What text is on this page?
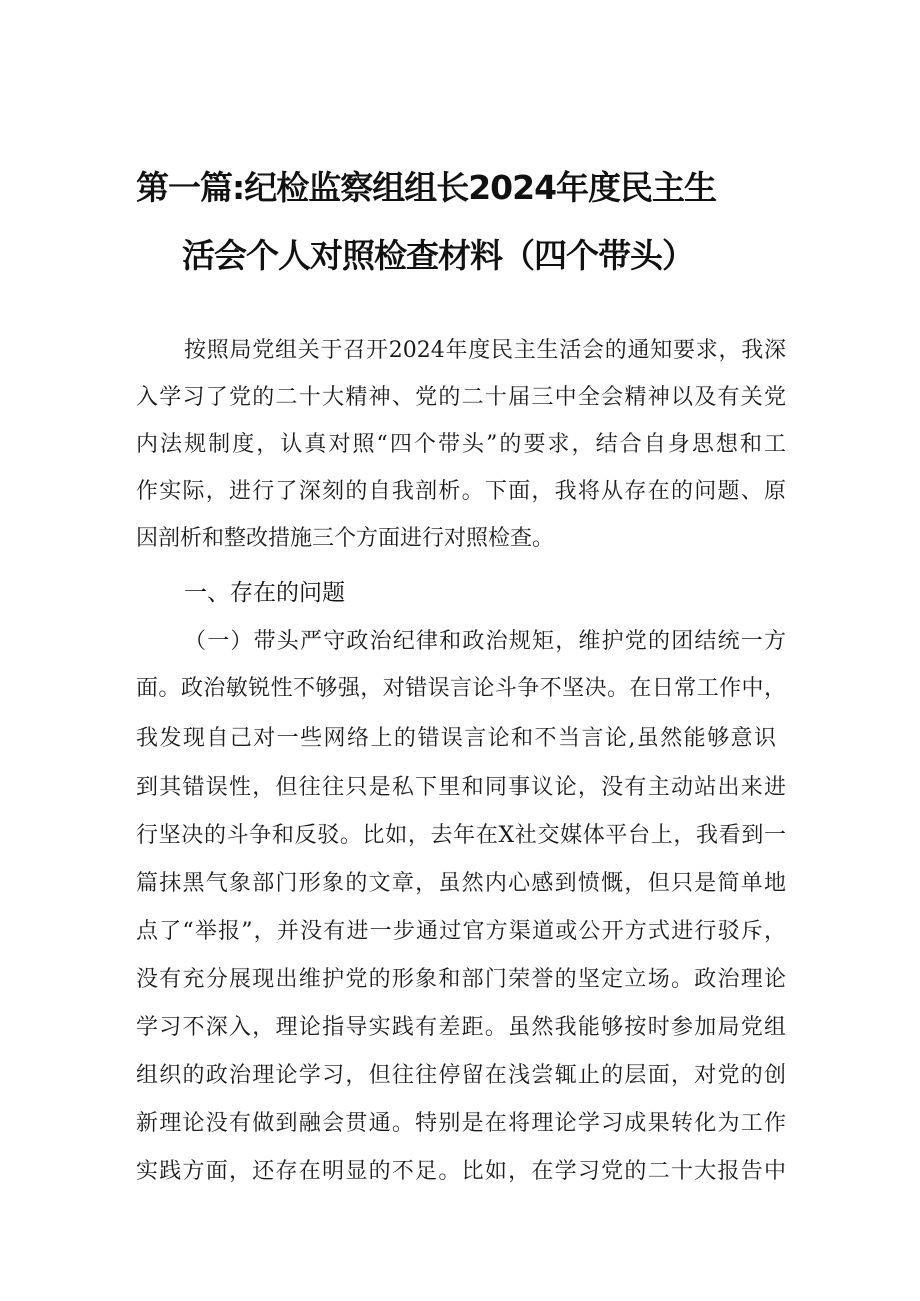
第一篇:纪检监察组组长2024年度民主生
活会个人对照检查材料（四个带头）
按照局党组关于召开2024年度民主生活会的通知要求，我深
入学习了党的二十大精神、党的二十届三中全会精神以及有关党
内法规制度，认真对照“四个带头”的要求，结合自身思想和工
作实际，进行了深刻的自我剖析。下面，我将从存在的问题、原
因剖析和整改措施三个方面进行对照检查。
一、存在的问题
（一）带头严守政治纪律和政治规矩，维护党的团结统一方
面。政治敏锐性不够强，对错误言论斗争不坚决。在日常工作中，
我发现自己对一些网络上的错误言论和不当言论,虽然能够意识
到其错误性，但往往只是私下里和同事议论，没有主动站出来进
行坚决的斗争和反驳。比如，去年在X社交媒体平台上，我看到一
篇抹黑气象部门形象的文章，虽然内心感到愤慨，但只是简单地
点了“举报”，并没有进一步通过官方渠道或公开方式进行驳斥，
没有充分展现出维护党的形象和部门荣誉的坚定立场。政治理论
学习不深入，理论指导实践有差距。虽然我能够按时参加局党组
组织的政治理论学习，但往往停留在浅尝辄止的层面，对党的创
新理论没有做到融会贯通。特别是在将理论学习成果转化为工作
实践方面，还存在明显的不足。比如，在学习党的二十大报告中
